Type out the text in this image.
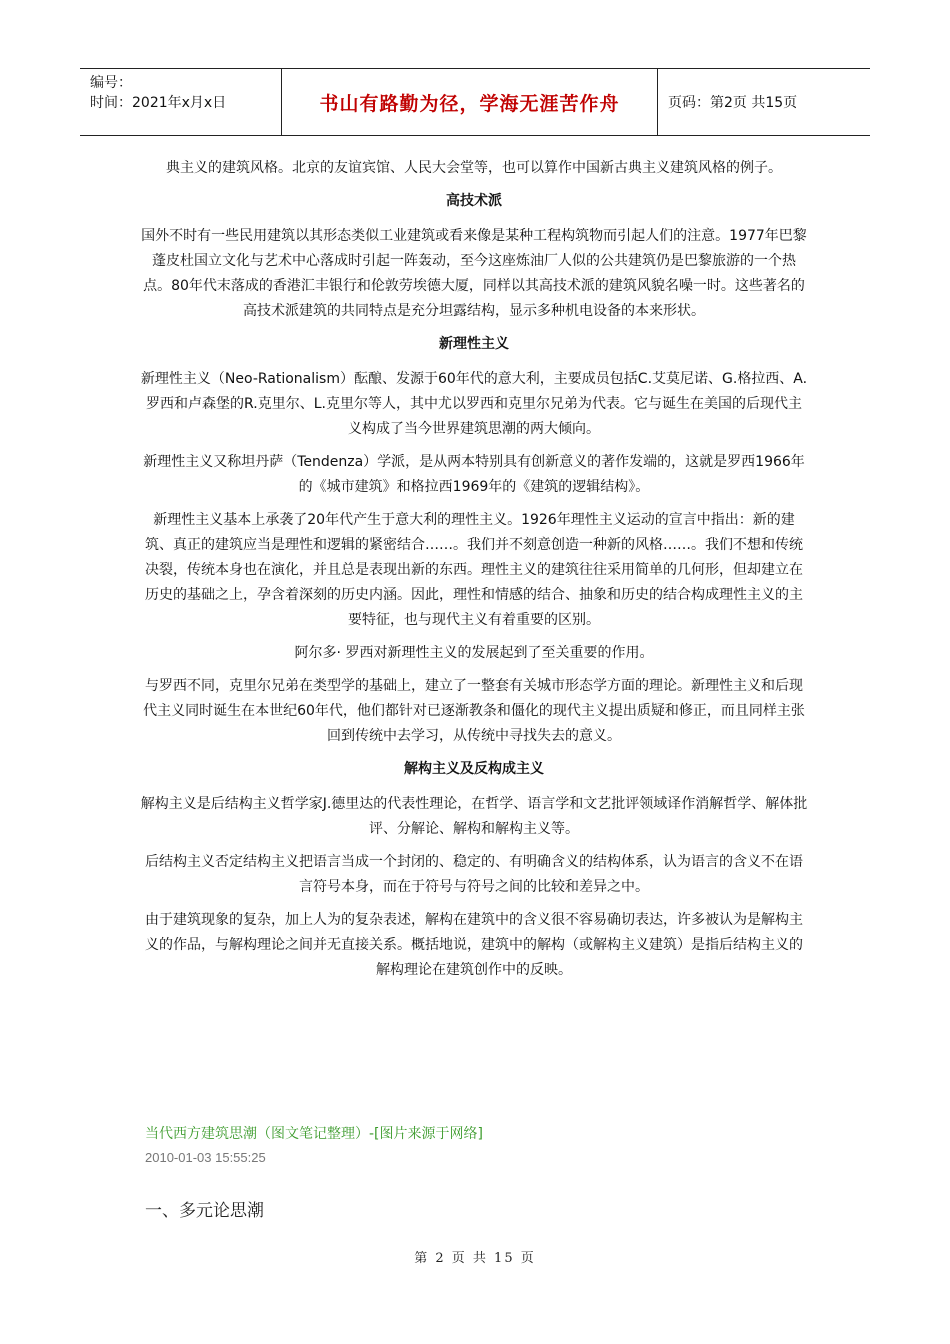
编号：
时间：2021年x月x日	书山有路勤为径，学海无涯苦作舟	页码：第2页 共15页

典主义的建筑风格。北京的友谊宾馆、人民大会堂等，也可以算作中国新古典主义建筑风格的例子。

高技术派

国外不时有一些民用建筑以其形态类似工业建筑或看来像是某种工程构筑物而引起人们的注意。1977年巴黎蓬皮杜国立文化与艺术中心落成时引起一阵轰动，至今这座炼油厂人似的公共建筑仍是巴黎旅游的一个热点。80年代末落成的香港汇丰银行和伦敦劳埃德大厦，同样以其高技术派的建筑风貌名噪一时。这些著名的高技术派建筑的共同特点是充分坦露结构，显示多种机电设备的本来形状。

新理性主义

新理性主义（Neo-Rationalism）酝酿、发源于60年代的意大利，主要成员包括C.艾莫尼诺、G.格拉西、A.罗西和卢森堡的R.克里尔、L.克里尔等人，其中尤以罗西和克里尔兄弟为代表。它与诞生在美国的后现代主义构成了当今世界建筑思潮的两大倾向。

新理性主义又称坦丹萨（Tendenza）学派，是从两本特别具有创新意义的著作发端的，这就是罗西1966年的《城市建筑》和格拉西1969年的《建筑的逻辑结构》。

新理性主义基本上承袭了20年代产生于意大利的理性主义。1926年理性主义运动的宣言中指出：新的建筑、真正的建筑应当是理性和逻辑的紧密结合……。我们并不刻意创造一种新的风格……。我们不想和传统决裂，传统本身也在演化，并且总是表现出新的东西。理性主义的建筑往往采用简单的几何形，但却建立在历史的基础之上，孕含着深刻的历史内涵。因此，理性和情感的结合、抽象和历史的结合构成理性主义的主要特征，也与现代主义有着重要的区别。

阿尔多· 罗西对新理性主义的发展起到了至关重要的作用。

与罗西不同，克里尔兄弟在类型学的基础上，建立了一整套有关城市形态学方面的理论。新理性主义和后现代主义同时诞生在本世纪60年代，他们都针对已逐渐教条和僵化的现代主义提出质疑和修正，而且同样主张回到传统中去学习，从传统中寻找失去的意义。

解构主义及反构成主义

解构主义是后结构主义哲学家J.德里达的代表性理论，在哲学、语言学和文艺批评领域译作消解哲学、解体批评、分解论、解构和解构主义等。

后结构主义否定结构主义把语言当成一个封闭的、稳定的、有明确含义的结构体系，认为语言的含义不在语言符号本身，而在于符号与符号之间的比较和差异之中。

由于建筑现象的复杂，加上人为的复杂表述，解构在建筑中的含义很不容易确切表达，许多被认为是解构主义的作品，与解构理论之间并无直接关系。概括地说，建筑中的解构（或解构主义建筑）是指后结构主义的解构理论在建筑创作中的反映。

当代西方建筑思潮（图文笔记整理）-[图片来源于网络]
2010-01-03 15:55:25
一、多元论思潮
第 2 页 共 15 页
